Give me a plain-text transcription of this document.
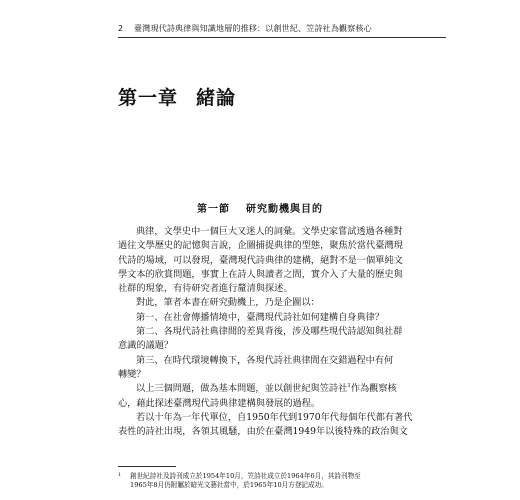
2 臺灣現代詩典律與知識地層的推移：以創世紀、笠詩社為觀察核心
第一章 緒論
第一節 研究動機與目的
典律，文學史中一個巨大又迷人的詞彙。文學史家嘗試透過各種對
過往文學歷史的記憶與言說，企圖捕捉典律的型態，聚焦於當代臺灣現
代詩的場域，可以發現，臺灣現代詩典律的建構，絕對不是一個單純文
學文本的欣賞問題，事實上在詩人與讀者之間，實介入了大量的歷史與
社群的現象，有待研究者進行釐清與探述。
對此，筆者本書在研究動機上，乃是企圖以：
第一、在社會傳播情境中，臺灣現代詩社如何建構自身典律？
第二、各現代詩社典律間的差異背後，涉及哪些現代詩認知與社群
意識的議題？
第三、在時代環境轉換下，各現代詩社典律間在交錯過程中有何
轉變？
以上三個問題，做為基本問題，並以創世紀與笠詩社$^1$作為觀察核
心，藉此探述臺灣現代詩典律建構與發展的過程。
若以十年為一年代單位，自1950年代到1970年代每個年代都有著代
表性的詩社出現，各領其風騷，由於在臺灣1949年以後特殊的政治與文
1 創世紀詩社及詩刊成立於1954年10月，笠詩社成立於1964年6月，其詩刊物至
1965年8月仍附屬於暗光文藝社當中，於1965年10月方登記成功。
